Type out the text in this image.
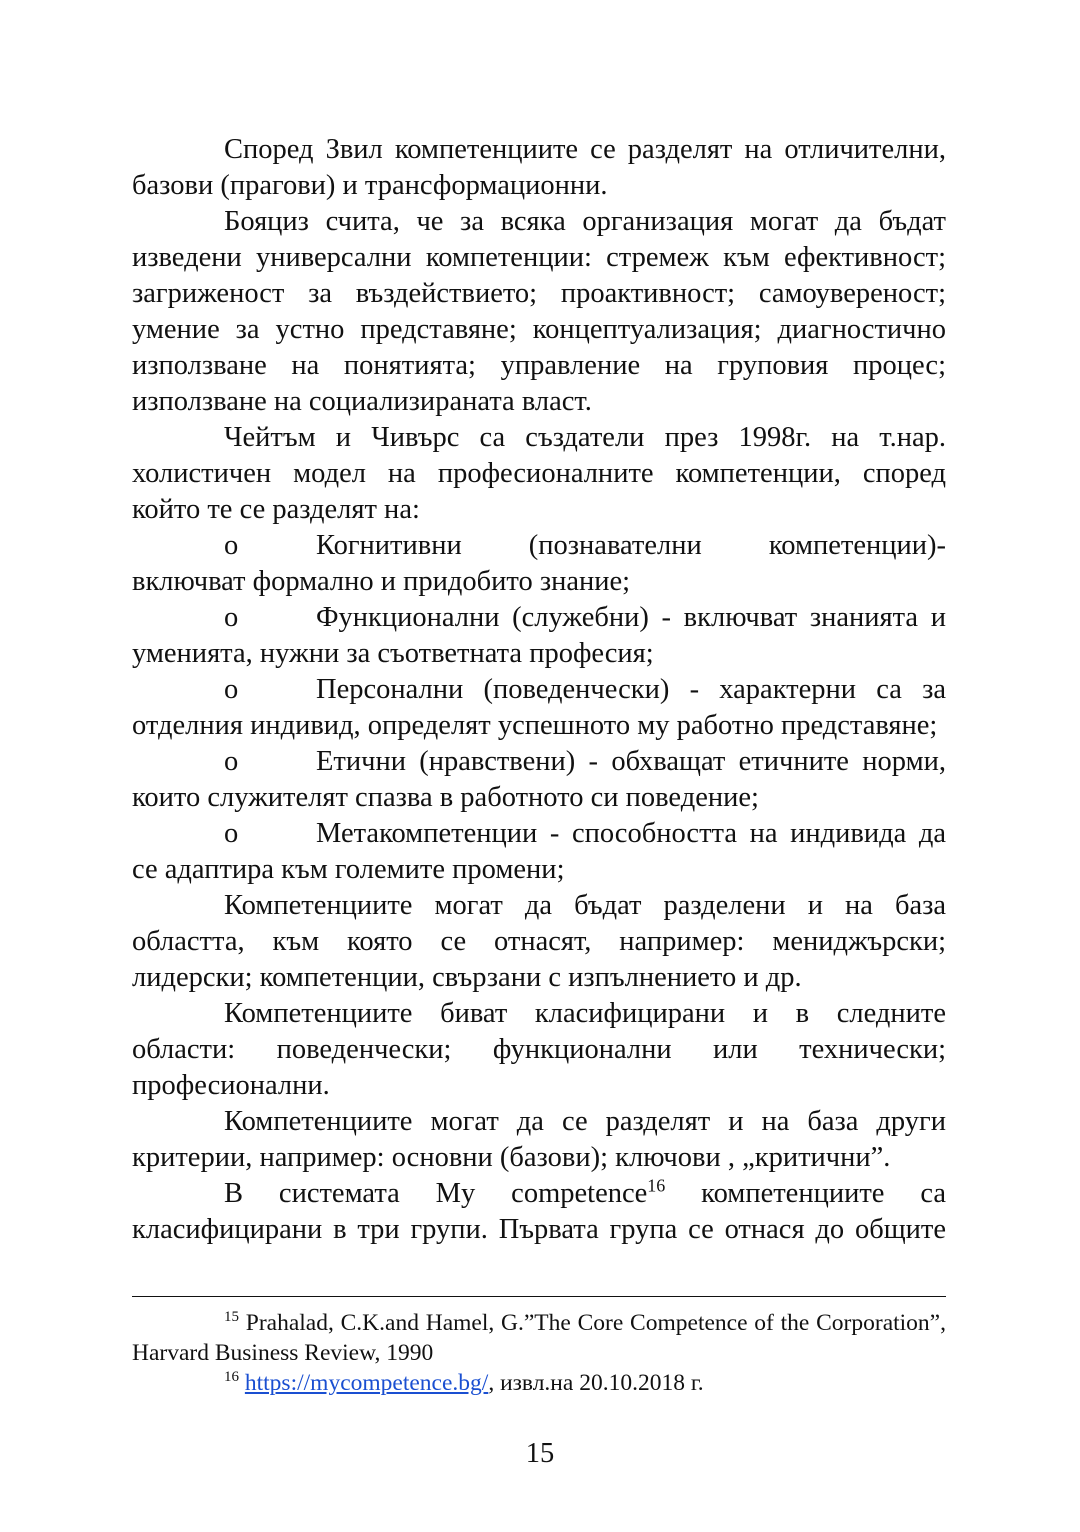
Според Звил компетенциите се разделят на отличителни, базови (прагови) и трансформационни.

Бояциз счита, че за всяка организация могат да бъдат изведени универсални компетенции: стремеж към ефективност; загриженост за въздействието; проактивност; самоувереност; умение за устно представяне; концептуализация; диагностично използване на понятията; управление на груповия процес; използване на социализираната власт.

Чейтъм и Чивърс са създатели през 1998г. на т.нар. холистичен модел на професионалните компетенции, според който те се разделят на:

o	Когнитивни (познавателни компетенции)- включват формално и придобито знание;

o	Функционални (служебни) - включват знанията и уменията, нужни за съответната професия;

o	Персонални (поведенчески) - характерни са за отделния индивид, определят успешното му работно представяне;

o	Етични (нравствени) - обхващат етичните норми, които служителят спазва в работното си поведение;

o	Метакомпетенции - способността на индивида да се адаптира към големите промени;

Компетенциите могат да бъдат разделени и на база областта, към която се отнасят, например: мениджърски; лидерски; компетенции, свързани с изпълнението и др.

Компетенциите биват класифицирани и в следните области: поведенчески; функционални или технически; професионални.

Компетенциите могат да се разделят и на база други критерии, например: основни (базови); ключови , „критични”.

В системата My competence$^{16}$ компетенциите са класифицирани в три групи. Първата група се отнася до общите

$^{15}$ Prahalad, C.K.and Hamel, G.”The Core Competence of the Corporation”, Harvard Business Review, 1990

$^{16}$ https://mycompetence.bg/, извл.на 20.10.2018 г.

15
